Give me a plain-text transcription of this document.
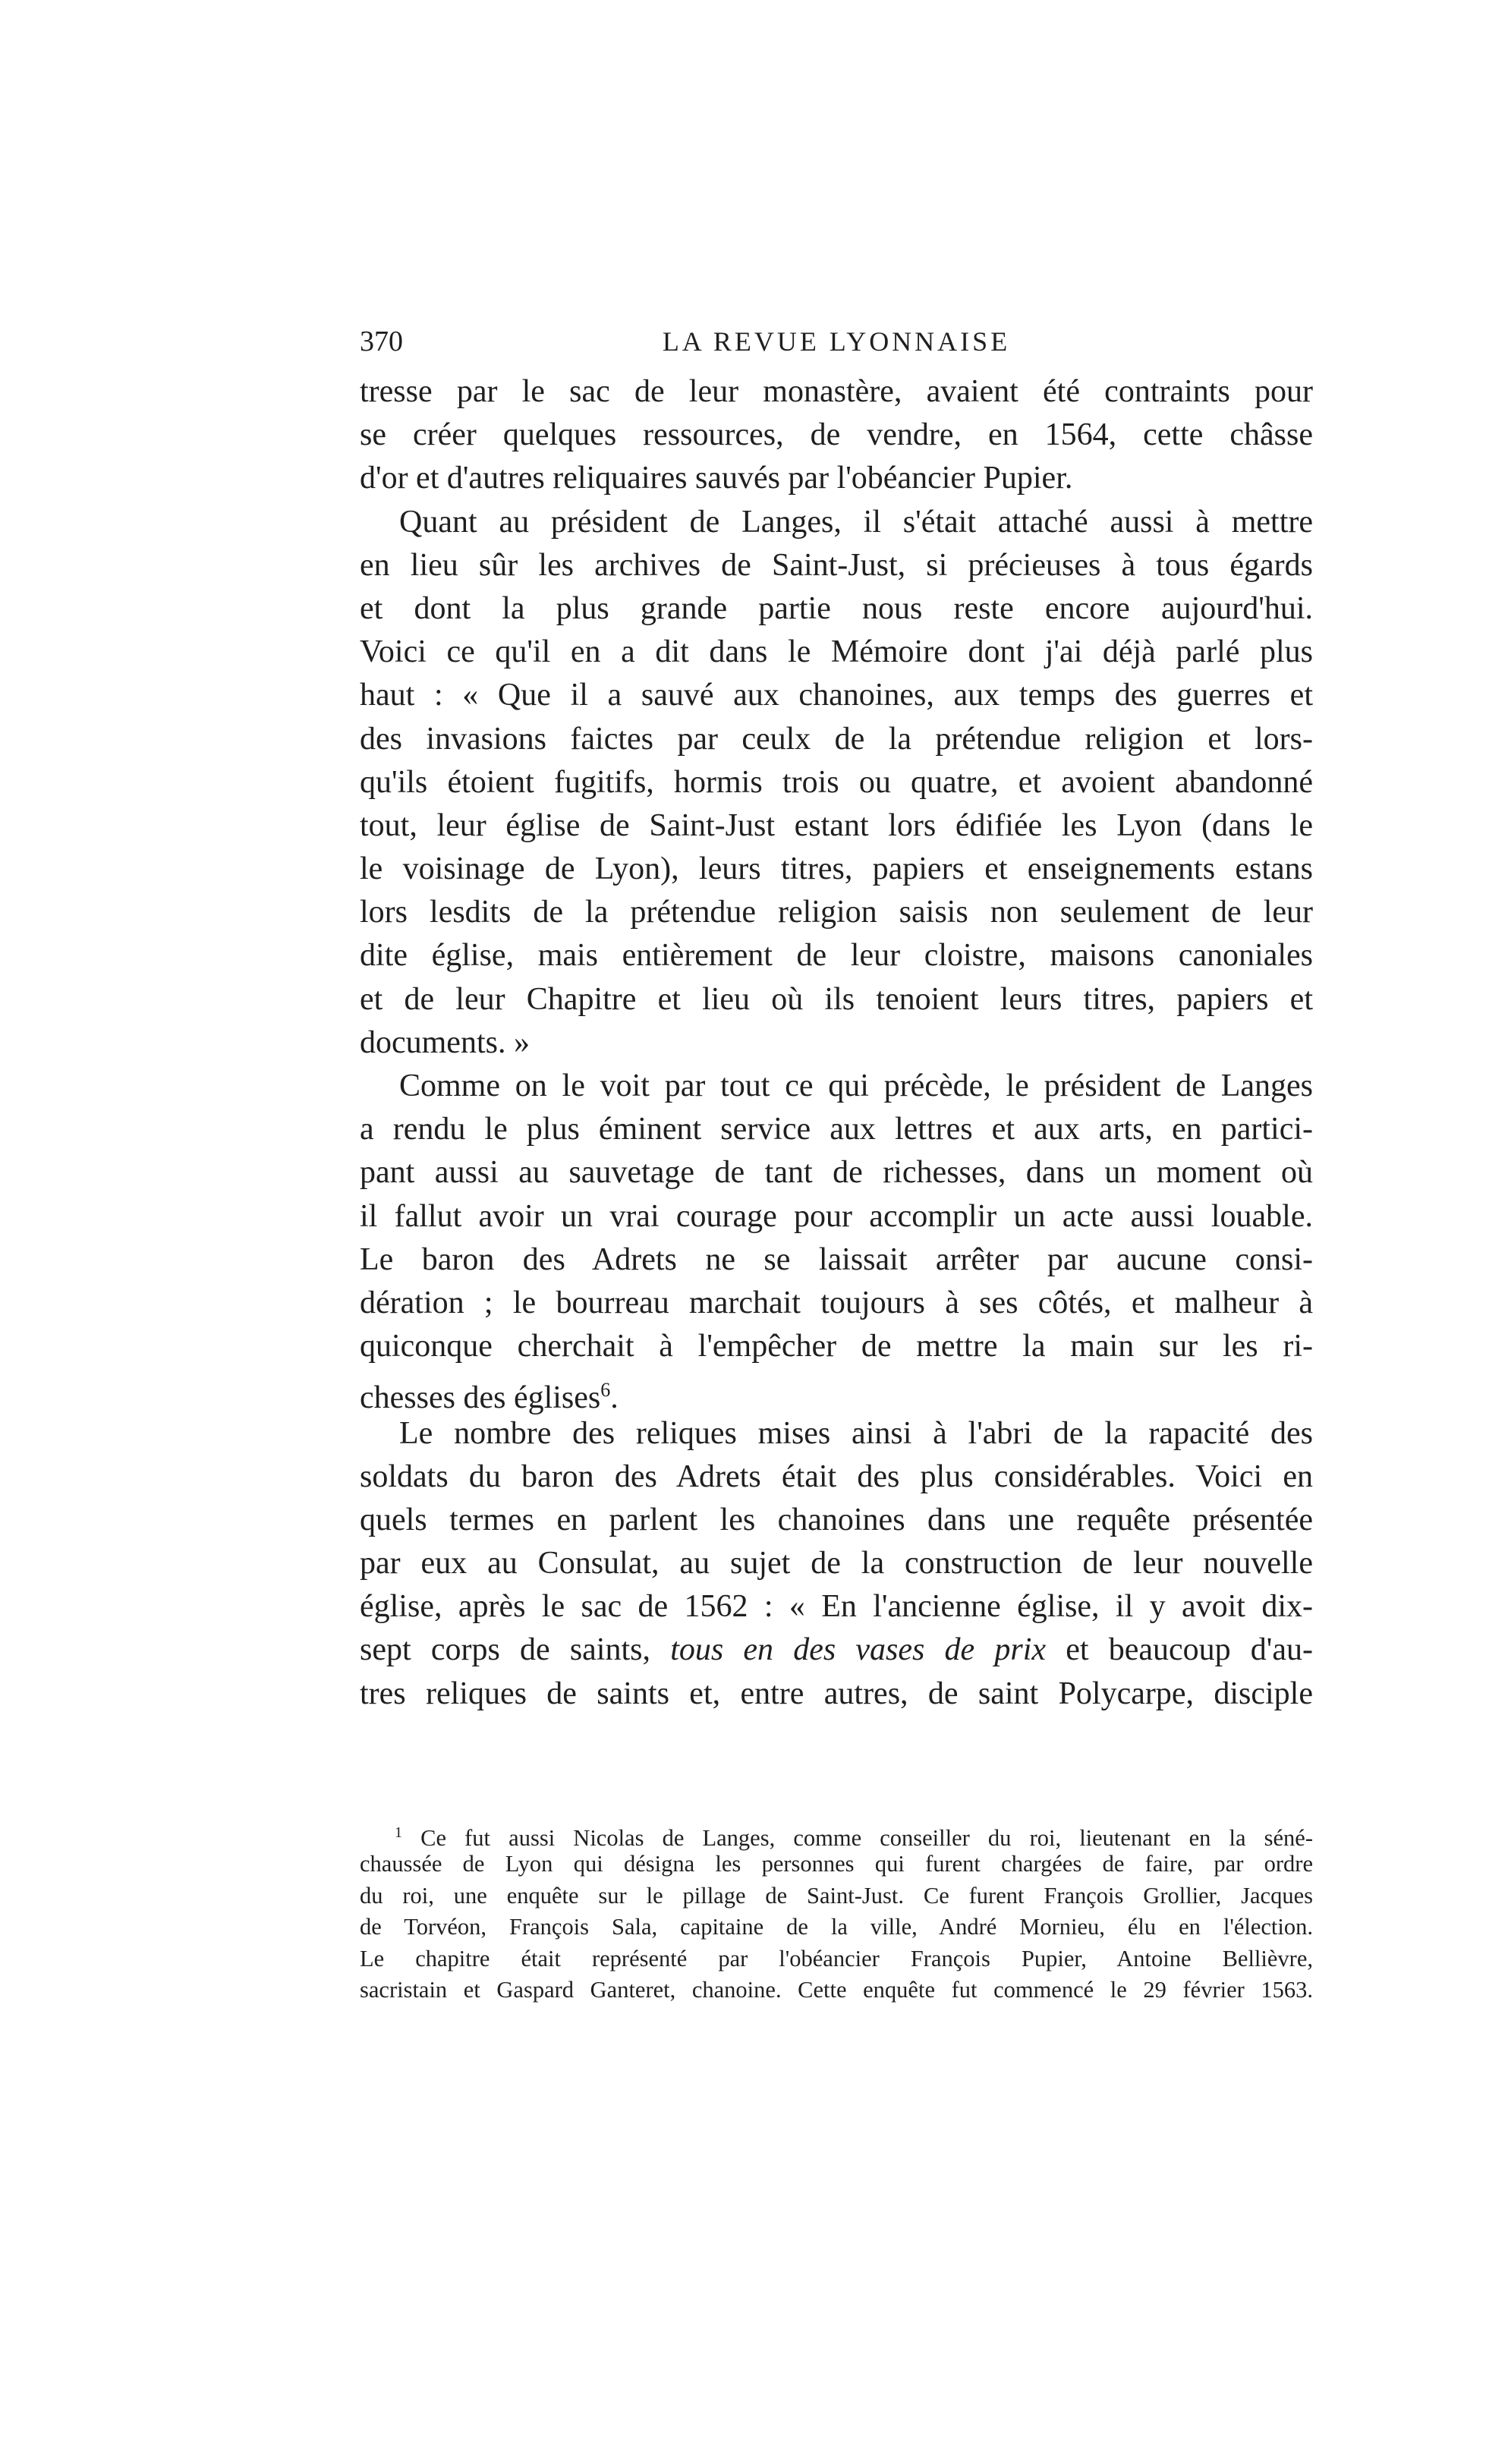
370	LA REVUE LYONNAISE
tresse par le sac de leur monastère, avaient été contraints pour
se créer quelques ressources, de vendre, en 1564, cette châsse
d'or et d'autres reliquaires sauvés par l'obéancier Pupier.
Quant au président de Langes, il s'était attaché aussi à mettre
en lieu sûr les archives de Saint-Just, si précieuses à tous égards
et dont la plus grande partie nous reste encore aujourd'hui.
Voici ce qu'il en a dit dans le Mémoire dont j'ai déjà parlé plus
haut : « Que il a sauvé aux chanoines, aux temps des guerres et
des invasions faictes par ceulx de la prétendue religion et lors-
qu'ils étoient fugitifs, hormis trois ou quatre, et avoient abandonné
tout, leur église de Saint-Just estant lors édifiée les Lyon (dans le
le voisinage de Lyon), leurs titres, papiers et enseignements estans
lors lesdits de la prétendue religion saisis non seulement de leur
dite église, mais entièrement de leur cloistre, maisons canoniales
et de leur Chapitre et lieu où ils tenoient leurs titres, papiers et
documents. »
Comme on le voit par tout ce qui précède, le président de Langes
a rendu le plus éminent service aux lettres et aux arts, en partici-
pant aussi au sauvetage de tant de richesses, dans un moment où
il fallut avoir un vrai courage pour accomplir un acte aussi louable.
Le baron des Adrets ne se laissait arrêter par aucune consi-
dération ; le bourreau marchait toujours à ses côtés, et malheur à
quiconque cherchait à l'empêcher de mettre la main sur les ri-
chesses des églises$^6$.
Le nombre des reliques mises ainsi à l'abri de la rapacité des
soldats du baron des Adrets était des plus considérables. Voici en
quels termes en parlent les chanoines dans une requête présentée
par eux au Consulat, au sujet de la construction de leur nouvelle
église, après le sac de 1562 : « En l'ancienne église, il y avoit dix-
sept corps de saints, tous en des vases de prix et beaucoup d'au-
tres reliques de saints et, entre autres, de saint Polycarpe, disciple
$^1$ Ce fut aussi Nicolas de Langes, comme conseiller du roi, lieutenant en la séné-
chaussée de Lyon qui désigna les personnes qui furent chargées de faire, par ordre
du roi, une enquête sur le pillage de Saint-Just. Ce furent François Grollier, Jacques
de Torvéon, François Sala, capitaine de la ville, André Mornieu, élu en l'élection.
Le chapitre était représenté par l'obéancier François Pupier, Antoine Bellièvre,
sacristain et Gaspard Ganteret, chanoine. Cette enquête fut commencé le 29 février 1563.
